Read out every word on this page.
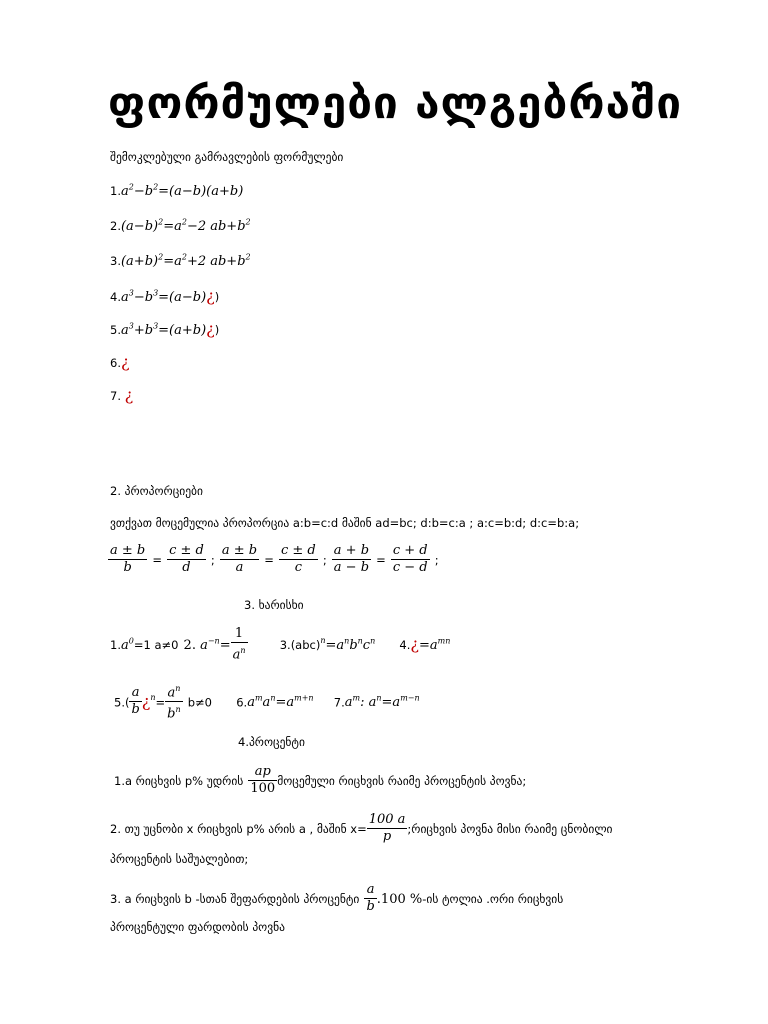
ფორმულები ალგებრაში
შემოკლებული გამრავლების ფორმულები
$1.a^2-b^2=(a-b)(a+b)$
$2.(a-b)^2=a^2-2$ $ab+b^2$
$3.(a+b)^2=a^2+2$ $ab+b^2$
$4.a^3-b^3=(a-b)¿$)
$5.a^3+b^3=(a+b)¿$)
6.¿
7. ¿
2. პროპორციები
ვთქვათ მოცემულია პროპორცია a:b=c:d მაშინ ad=bc; d:b=c:a ; a:c=b:d; d:c=b:a;
$\frac{a \pm b}{b} = \frac{c \pm d}{d}$ ; $\frac{a \pm b}{a} = \frac{c \pm d}{c}$ ; $\frac{a + b}{a - b} = \frac{c + d}{c - d}$ ;
3. ხარისხი
$1.a^0=1$ a≠0 2. $a^{-n}= \frac{1}{a^n}$	$3.(abc)^n=a^nb^nc^n$ $4.¿=a^{mn}$
$5.( \frac{a}{b}$ ¿$^n= \frac{a^n}{b^n} b\ne 0$ $6.a^ma^n=a^{m+n}$ $7.a^m$: $a^n=a^{m-n}$
4.პროცენტი
1.a რიცხვის p% უდრის $\frac{ap}{100}$ მოცემული რიცხვის რაიმე პროცენტის პოვნა;
2. თუ უცნობი x რიცხვის p% არის a , მაშინ $x= \frac{100 a}{p}$ ;რიცხვის პოვნა მისი რაიმე ცნობილი
პროცენტის საშუალებით;
3. a რიცხვის b -სთან შეფარდების პროცენტი $\frac{a}{b} .100$ %-ის ტოლია .ორი რიცხვის
პროცენტული ფარდობის პოვნა
